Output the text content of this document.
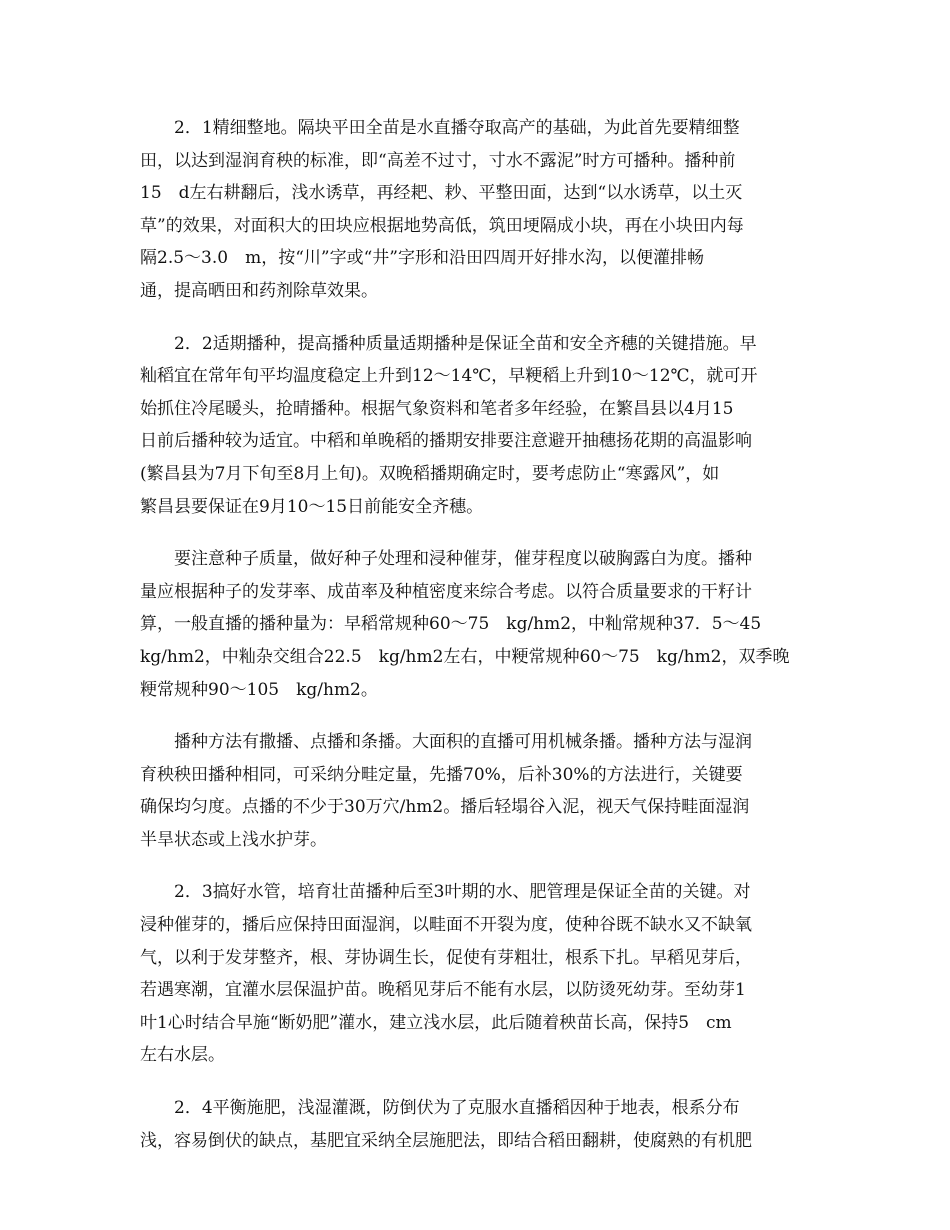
　　2．1精细整地。隔块平田全苗是水直播夺取高产的基础，为此首先要精细整
田，以达到湿润育秧的标准，即“高差不过寸，寸水不露泥”时方可播种。播种前
15　d左右耕翻后，浅水诱草，再经耙、耖、平整田面，达到“以水诱草，以土灭
草”的效果，对面积大的田块应根据地势高低，筑田埂隔成小块，再在小块田内每
隔2.5～3.0　m，按“川”字或“井”字形和沿田四周开好排水沟，以便灌排畅
通，提高晒田和药剂除草效果。
　　2．2适期播种，提高播种质量适期播种是保证全苗和安全齐穗的关键措施。早
籼稻宜在常年旬平均温度稳定上升到12～14℃，早粳稻上升到10～12℃，就可开
始抓住冷尾暖头，抢晴播种。根据气象资料和笔者多年经验，在繁昌县以4月15
日前后播种较为适宜。中稻和单晚稻的播期安排要注意避开抽穗扬花期的高温影响
(繁昌县为7月下旬至8月上旬)。双晚稻播期确定时，要考虑防止“寒露风”，如
繁昌县要保证在9月10～15日前能安全齐穗。
　　要注意种子质量，做好种子处理和浸种催芽，催芽程度以破胸露白为度。播种
量应根据种子的发芽率、成苗率及种植密度来综合考虑。以符合质量要求的干籽计
算，一般直播的播种量为：早稻常规种60～75　kg/hm2，中籼常规种37．5～45
kg/hm2，中籼杂交组合22.5　kg/hm2左右，中粳常规种60～75　kg/hm2，双季晚
粳常规种90～105　kg/hm2。
　　播种方法有撒播、点播和条播。大面积的直播可用机械条播。播种方法与湿润
育秧秧田播种相同，可采纳分畦定量，先播70%，后补30%的方法进行，关键要
确保均匀度。点播的不少于30万穴/hm2。播后轻塌谷入泥，视天气保持畦面湿润
半旱状态或上浅水护芽。
　　2．3搞好水管，培育壮苗播种后至3叶期的水、肥管理是保证全苗的关键。对
浸种催芽的，播后应保持田面湿润，以畦面不开裂为度，使种谷既不缺水又不缺氧
气，以利于发芽整齐，根、芽协调生长，促使有芽粗壮，根系下扎。早稻见芽后，
若遇寒潮，宜灌水层保温护苗。晚稻见芽后不能有水层，以防烫死幼芽。至幼芽1
叶1心时结合早施“断奶肥”灌水，建立浅水层，此后随着秧苗长高，保持5　cm
左右水层。
　　2．4平衡施肥，浅湿灌溉，防倒伏为了克服水直播稻因种于地表，根系分布
浅，容易倒伏的缺点，基肥宜采纳全层施肥法，即结合稻田翻耕，使腐熟的有机肥
